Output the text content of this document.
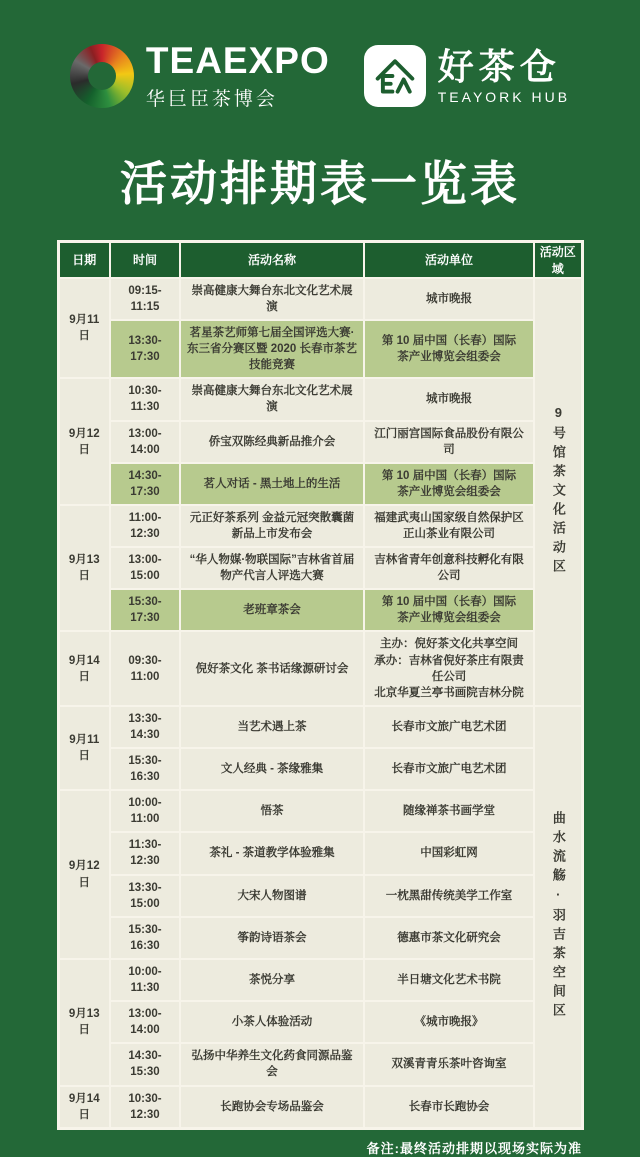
TEAEXPO
华巨臣茶博会
好茶仓
TEAYORK HUB
活动排期表一览表
日期	时间	活动名称	活动单位	活动区域
9月11日	09:15-11:15	崇高健康大舞台东北文化艺术展演	城市晚报	9号馆茶文化活动区

	13:30-17:30	茗星茶艺师第七届全国评选大赛·东三省分赛区暨 2020 长春市茶艺技能竞赛	第 10 届中国（长春）国际
茶产业博览会组委会	
9月12日	10:30-11:30	崇高健康大舞台东北文化艺术展演	城市晚报	
	13:00-14:00	侨宝双陈经典新品推介会	江门丽宫国际食品股份有限公司	
	14:30-17:30	茗人对话 - 黑土地上的生活	第 10 届中国（长春）国际
茶产业博览会组委会	
9月13日	11:00-12:30	元正好茶系列 金益元冠突散囊菌新品上市发布会	福建武夷山国家级自然保护区
正山茶业有限公司	
	13:00-15:00	“华人物媒·物联国际”吉林省首届物产代言人评选大赛	吉林省青年创意科技孵化有限公司	
	15:30-17:30	老班章茶会	第 10 届中国（长春）国际
茶产业博览会组委会	
9月14日	09:30-11:00	倪好茶文化 茶书话缘源研讨会	主办：倪好茶文化共享空间
承办：吉林省倪好茶庄有限责任公司
北京华夏兰亭书画院吉林分院	
9月11日	13:30-14:30	当艺术遇上茶	长春市文旅广电艺术团	曲水流觞·羽吉茶空间区

	15:30-16:30	文人经典 - 茶缘雅集	长春市文旅广电艺术团	
9月12日	10:00-11:00	悟茶	随缘禅茶书画学堂	
	11:30-12:30	茶礼 - 茶道教学体验雅集	中国彩虹网	
	13:30-15:00	大宋人物图谱	一枕黑甜传统美学工作室	
	15:30-16:30	筝韵诗语茶会	德惠市茶文化研究会	
9月13日	10:00-11:30	茶悦分享	半日塘文化艺术书院	
	13:00-14:00	小茶人体验活动	《城市晚报》	
	14:30-15:30	弘扬中华养生文化药食同源品鉴会	双溪青青乐茶叶咨询室	
9月14日	10:30-12:30	长跑协会专场品鉴会	长春市长跑协会	
备注:最终活动排期以现场实际为准
